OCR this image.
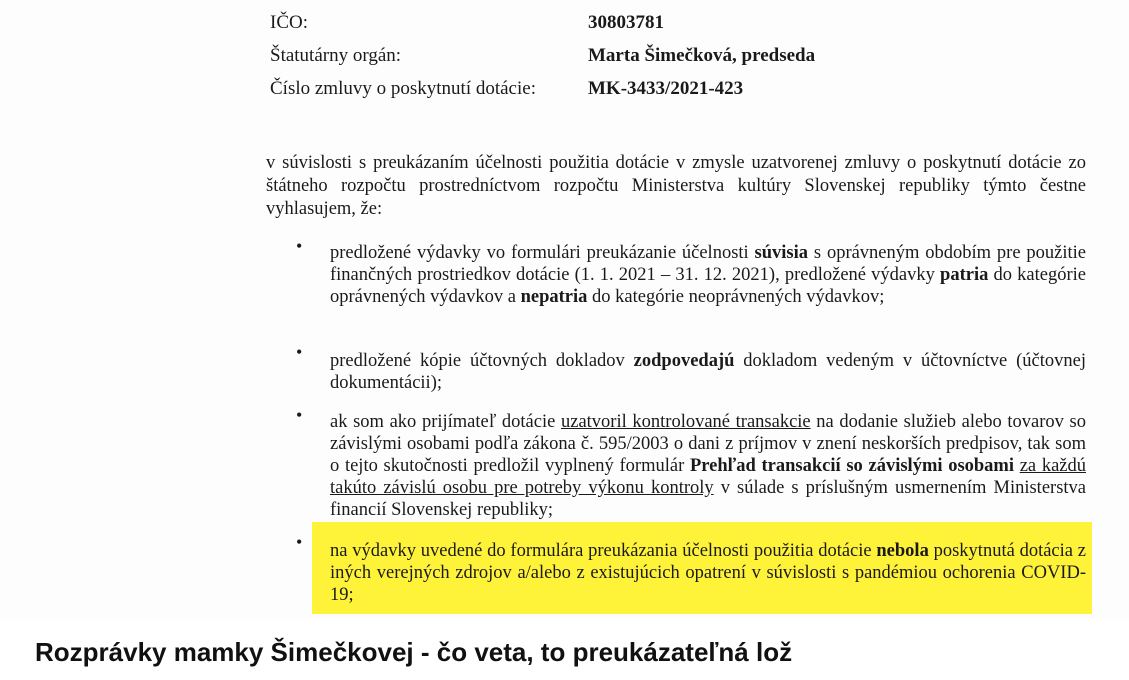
IČO:	30803781
Štatutárny orgán:	Marta Šimečková, predseda
Číslo zmluvy o poskytnutí dotácie:	MK-3433/2021-423
v súvislosti s preukázaním účelnosti použitia dotácie v zmysle uzatvorenej zmluvy o poskytnutí dotácie zo štátneho rozpočtu prostredníctvom rozpočtu Ministerstva kultúry Slovenskej republiky týmto čestne vyhlasujem, že:
• predložené výdavky vo formulári preukázanie účelnosti súvisia s oprávneným obdobím pre použitie finančných prostriedkov dotácie (1. 1. 2021 – 31. 12. 2021), predložené výdavky patria do kategórie oprávnených výdavkov a nepatria do kategórie neoprávnených výdavkov;
• predložené kópie účtovných dokladov zodpovedajú dokladom vedeným v účtovníctve (účtovnej dokumentácii);
• ak som ako prijímateľ dotácie uzatvoril kontrolované transakcie na dodanie služieb alebo tovarov so závislými osobami podľa zákona č. 595/2003 o dani z príjmov v znení neskorších predpisov, tak som o tejto skutočnosti predložil vyplnený formulár Prehľad transakcií so závislými osobami za každú takúto závislú osobu pre potreby výkonu kontroly v súlade s príslušným usmernením Ministerstva financií Slovenskej republiky;
• na výdavky uvedené do formulára preukázania účelnosti použitia dotácie nebola poskytnutá dotácia z iných verejných zdrojov a/alebo z existujúcich opatrení v súvislosti s pandémiou ochorenia COVID- 19;
Rozprávky mamky Šimečkovej - čo veta, to preukázateľná lož
